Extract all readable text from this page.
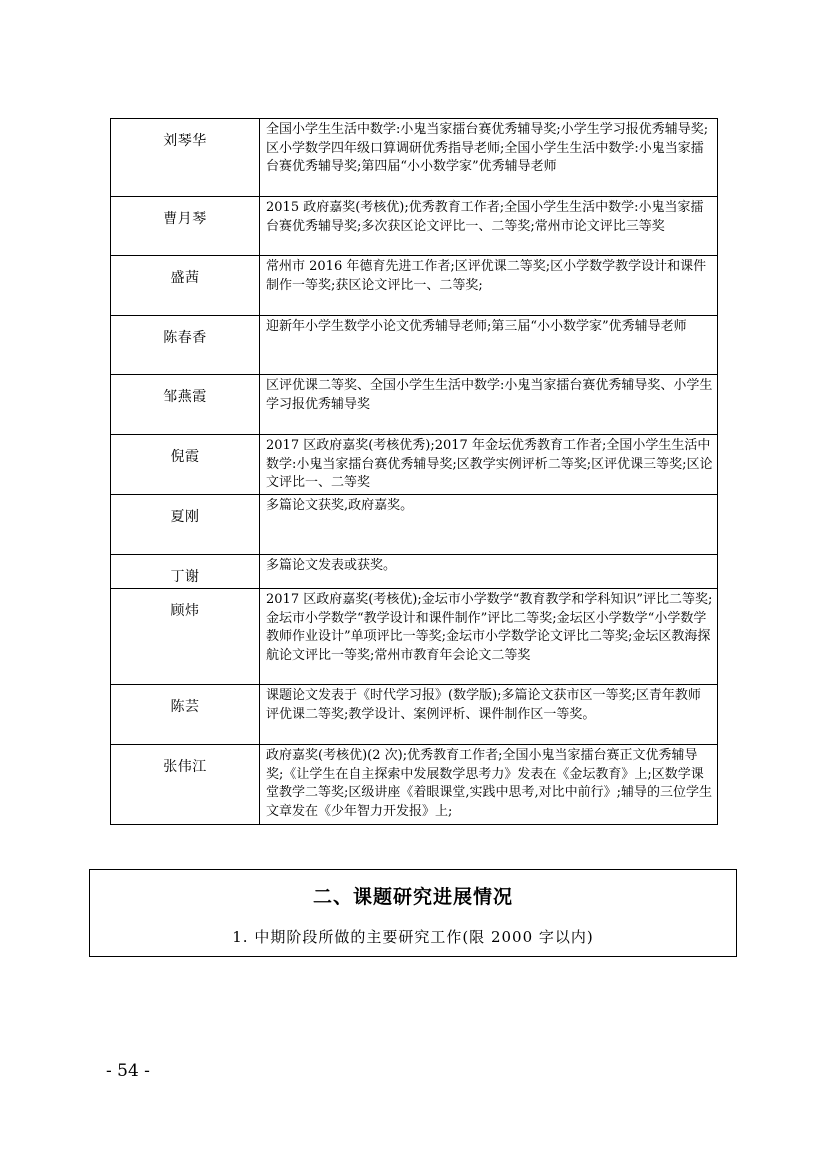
刘琴华	全国小学生生活中数学:小鬼当家擂台赛优秀辅导奖;小学生学习报优秀辅导奖;区小学数学四年级口算调研优秀指导老师;全国小学生生活中数学:小鬼当家擂台赛优秀辅导奖;第四届“小小数学家”优秀辅导老师
曹月琴	2015 政府嘉奖(考核优);优秀教育工作者;全国小学生生活中数学:小鬼当家擂台赛优秀辅导奖;多次获区论文评比一、二等奖;常州市论文评比三等奖
盛茜	常州市 2016 年德育先进工作者;区评优课二等奖;区小学数学教学设计和课件制作一等奖;获区论文评比一、二等奖;
陈春香	迎新年小学生数学小论文优秀辅导老师;第三届“小小数学家”优秀辅导老师
邹燕霞	区评优课二等奖、全国小学生生活中数学:小鬼当家擂台赛优秀辅导奖、小学生学习报优秀辅导奖
倪霞	2017 区政府嘉奖(考核优秀);2017 年金坛优秀教育工作者;全国小学生生活中数学:小鬼当家擂台赛优秀辅导奖;区教学实例评析二等奖;区评优课三等奖;区论文评比一、二等奖
夏刚	多篇论文获奖,政府嘉奖。
丁谢	多篇论文发表或获奖。
顾炜	2017 区政府嘉奖(考核优);金坛市小学数学“教育教学和学科知识”评比二等奖;金坛市小学数学“教学设计和课件制作”评比二等奖;金坛区小学数学“小学数学教师作业设计”单项评比一等奖;金坛市小学数学论文评比二等奖;金坛区教海探航论文评比一等奖;常州市教育年会论文二等奖
陈芸	课题论文发表于《时代学习报》(数学版);多篇论文获市区一等奖;区青年教师评优课二等奖;教学设计、案例评析、课件制作区一等奖。
张伟江	政府嘉奖(考核优)(2 次);优秀教育工作者;全国小鬼当家擂台赛正文优秀辅导奖;《让学生在自主探索中发展数学思考力》发表在《金坛教育》上;区数学课堂教学二等奖;区级讲座《着眼课堂,实践中思考,对比中前行》;辅导的三位学生文章发在《少年智力开发报》上;
二、课题研究进展情况
1. 中期阶段所做的主要研究工作(限 2000 字以内)
- 54 -
